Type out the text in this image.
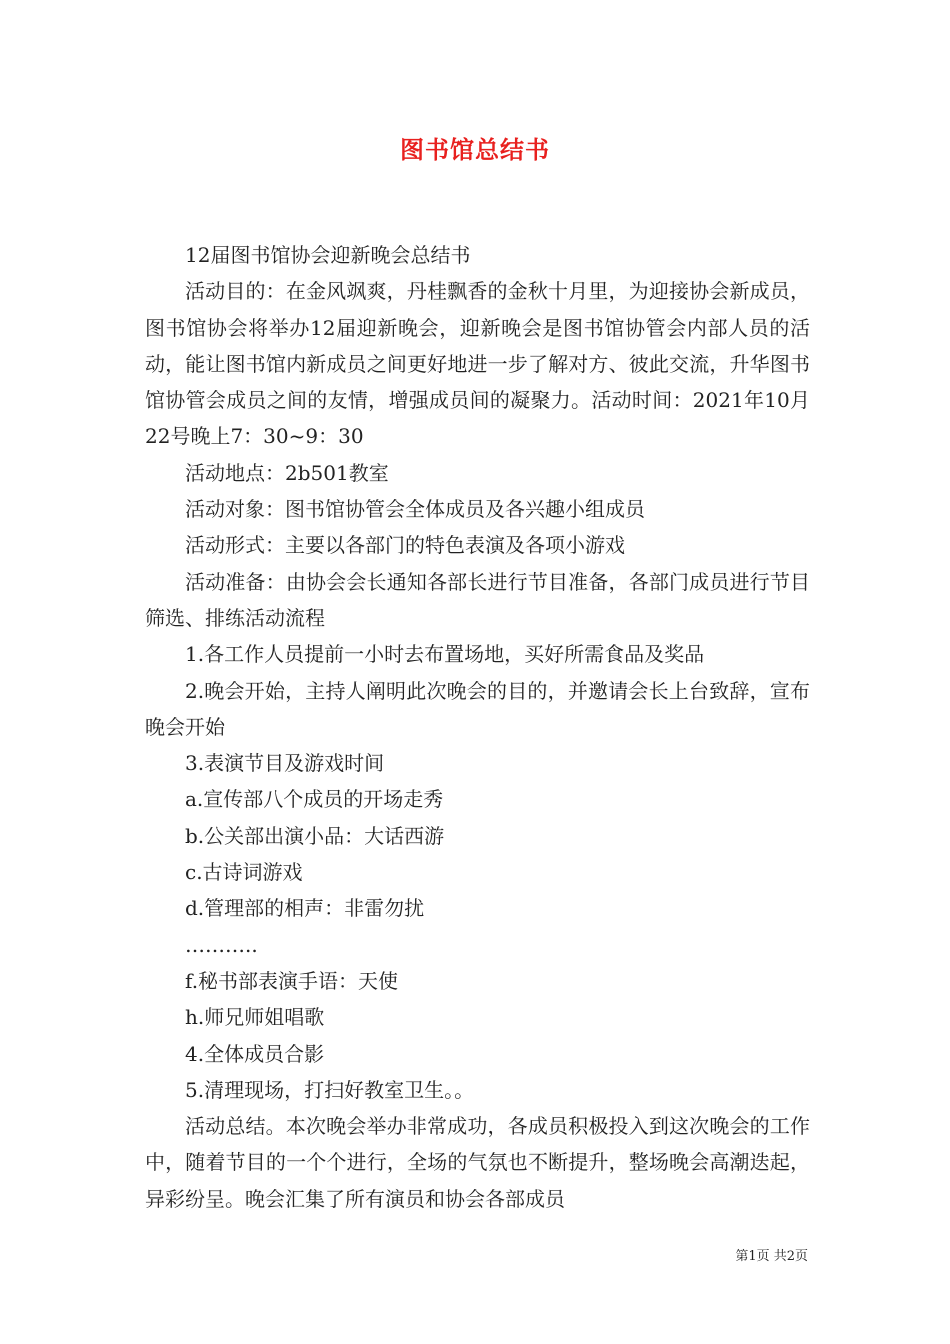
图书馆总结书

12届图书馆协会迎新晚会总结书

活动目的：在金风飒爽，丹桂飘香的金秋十月里，为迎接协会新成员，图书馆协会将举办12届迎新晚会，迎新晚会是图书馆协管会内部人员的活动，能让图书馆内新成员之间更好地进一步了解对方、彼此交流，升华图书馆协管会成员之间的友情，增强成员间的凝聚力。活动时间：2021年10月22号晚上7：30~9：30

活动地点：2b501教室

活动对象：图书馆协管会全体成员及各兴趣小组成员

活动形式：主要以各部门的特色表演及各项小游戏

活动准备：由协会会长通知各部长进行节目准备，各部门成员进行节目筛选、排练活动流程

1.各工作人员提前一小时去布置场地，买好所需食品及奖品

2.晚会开始，主持人阐明此次晚会的目的，并邀请会长上台致辞，宣布晚会开始

3.表演节目及游戏时间

a.宣传部八个成员的开场走秀

b.公关部出演小品：大话西游

c.古诗词游戏

d.管理部的相声：非雷勿扰

………..

f.秘书部表演手语：天使

h.师兄师姐唱歌

4.全体成员合影

5.清理现场，打扫好教室卫生。。

活动总结。本次晚会举办非常成功，各成员积极投入到这次晚会的工作中，随着节目的一个个进行，全场的气氛也不断提升，整场晚会高潮迭起，异彩纷呈。晚会汇集了所有演员和协会各部成员

第1页 共2页
